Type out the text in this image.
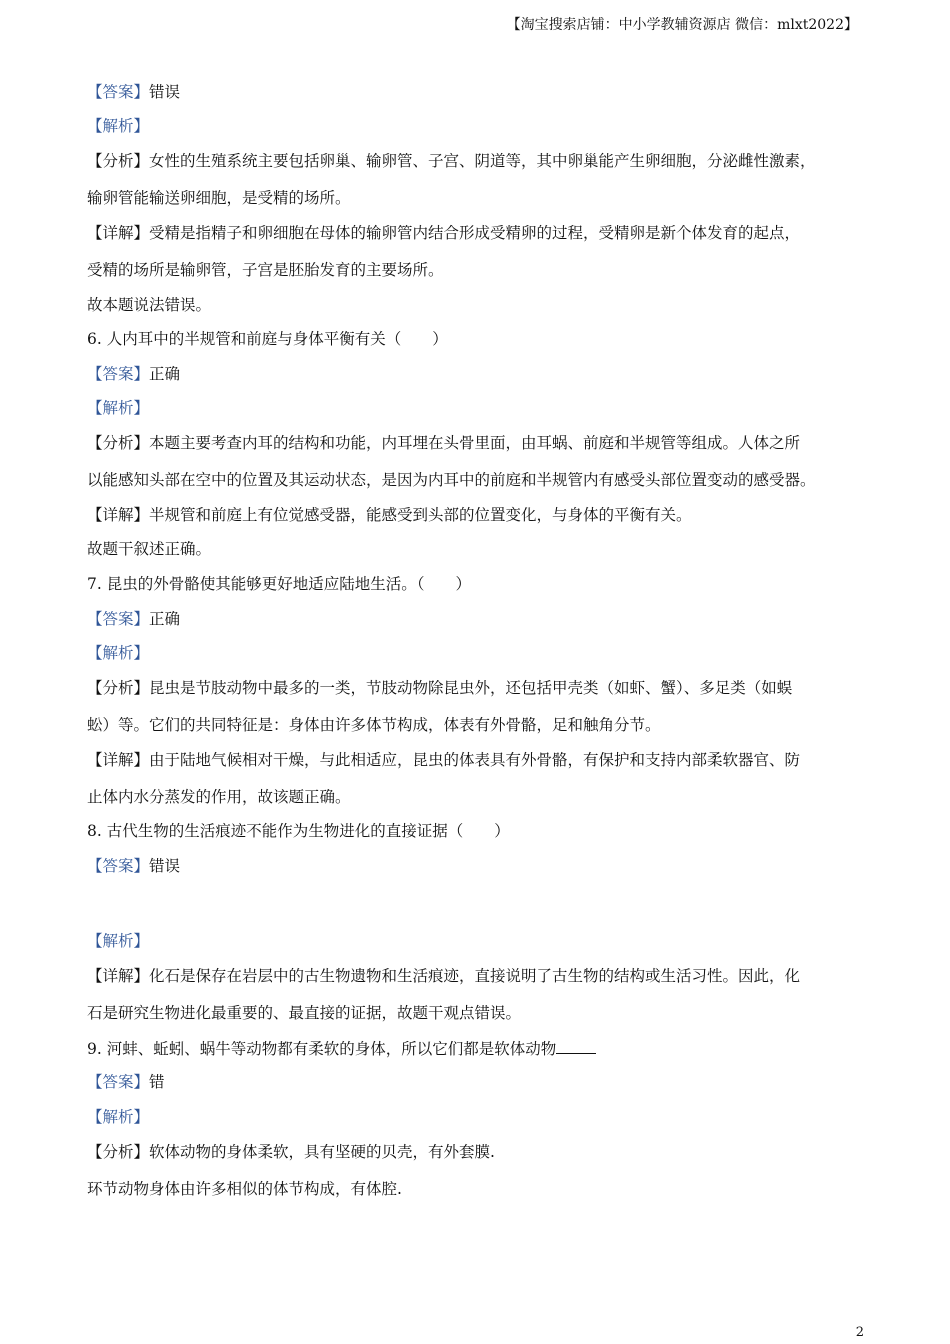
【淘宝搜索店铺：中小学教辅资源店 微信：mlxt2022】
【答案】错误
【解析】
【分析】女性的生殖系统主要包括卵巢、输卵管、子宫、阴道等，其中卵巢能产生卵细胞，分泌雌性激素，
输卵管能输送卵细胞，是受精的场所。
【详解】受精是指精子和卵细胞在母体的输卵管内结合形成受精卵的过程，受精卵是新个体发育的起点，
受精的场所是输卵管，子宫是胚胎发育的主要场所。
故本题说法错误。
6. 人内耳中的半规管和前庭与身体平衡有关（　　）
【答案】正确
【解析】
【分析】本题主要考查内耳的结构和功能，内耳埋在头骨里面，由耳蜗、前庭和半规管等组成。人体之所
以能感知头部在空中的位置及其运动状态，是因为内耳中的前庭和半规管内有感受头部位置变动的感受器。
【详解】半规管和前庭上有位觉感受器，能感受到头部的位置变化，与身体的平衡有关。
故题干叙述正确。
7. 昆虫的外骨骼使其能够更好地适应陆地生活。（　　）
【答案】正确
【解析】
【分析】昆虫是节肢动物中最多的一类，节肢动物除昆虫外，还包括甲壳类（如虾、蟹）、多足类（如蜈
蚣）等。它们的共同特征是：身体由许多体节构成，体表有外骨骼，足和触角分节。
【详解】由于陆地气候相对干燥，与此相适应，昆虫的体表具有外骨骼，有保护和支持内部柔软器官、防
止体内水分蒸发的作用，故该题正确。
8. 古代生物的生活痕迹不能作为生物进化的直接证据（　　）
【答案】错误
【解析】
【详解】化石是保存在岩层中的古生物遗物和生活痕迹，直接说明了古生物的结构或生活习性。因此，化
石是研究生物进化最重要的、最直接的证据，故题干观点错误。
9. 河蚌、蚯蚓、蜗牛等动物都有柔软的身体，所以它们都是软体动物
【答案】错
【解析】
【分析】软体动物的身体柔软，具有坚硬的贝壳，有外套膜.
环节动物身体由许多相似的体节构成，有体腔.
2
